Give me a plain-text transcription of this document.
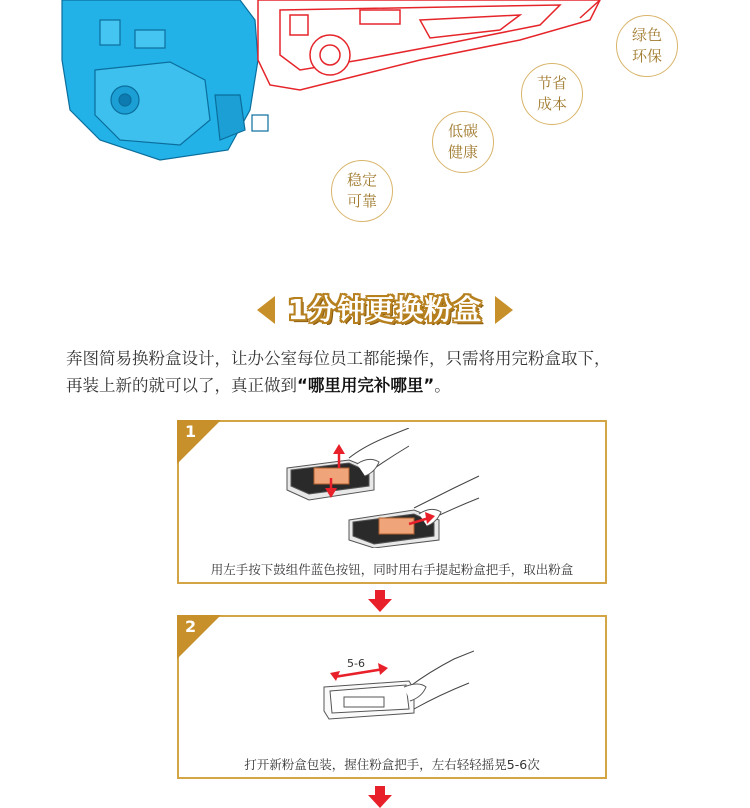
绿色
环保
节省
成本
低碳
健康
稳定
可靠
1分钟更换粉盒
奔图简易换粉盒设计，让办公室每位员工都能操作，只需将用完粉盒取下，
再装上新的就可以了，真正做到“哪里用完补哪里”。
1
用左手按下鼓组件蓝色按钮，同时用右手提起粉盒把手，取出粉盒
2
5-6
打开新粉盒包装，握住粉盒把手，左右轻轻摇晃5-6次
